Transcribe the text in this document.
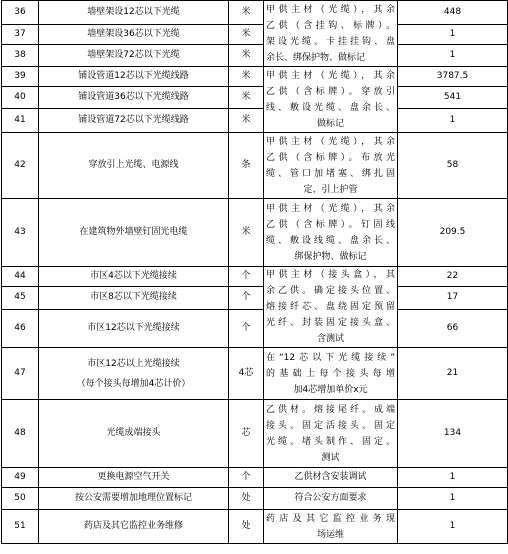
36	墙壁架设12芯以下光缆	米	甲供主材（光缆），其余
乙供（含挂钩、标牌）。
架设光缆、卡挂挂钩、盘
余长、绑保护物、做标记	448
37	墙壁架设36芯以下光缆	米		1
38	墙壁架设72芯以下光缆	米		1
39	铺设管道12芯以下光缆线路	米	甲供主材（光缆），其余
乙供（含标牌）。穿放引
线、敷设光缆、盘余长、
做标记	3787.5
40	铺设管道36芯以下光缆线路	米		541
41	铺设管道72芯以下光缆线路	米		1
42	穿放引上光缆、电源线	条	甲供主材（光缆），其余
乙供（含标牌）。布放光
缆、管口加堵塞、绑扎固
定、引上护管	58
43	在建筑物外墙壁钉固光电缆	米	甲供主材（光缆），其余
乙供（含标牌）。钉固线
缆、敷设线缆、盘余长、
绑保护物、做标记	209.5
44	市区4芯以下光缆接续	个	甲供主材（接头盒），其
余乙供。确定接头位置、
熔接纤芯、盘绕固定预留
光纤、封装固定接头盒、
含测试	22
45	市区8芯以下光缆接续	个		17
46	市区12芯以下光缆接续	个		66
47	市区12芯以上光缆接续
（每个接头每增加4芯计价）	4芯	在“12芯以下光缆接续”
的基础上每个接头每增
加4芯增加单价x元	21
48	光缆成端接头	芯	乙供材。熔接尾纤、成端
接头、固定活接头、固定
光缆、堵头制作、固定、
测试	134
49	更换电源空气开关	个	乙供材含安装调试	1
50	按公安需要增加地理位置标记	处	符合公安方面要求	1
51	药店及其它监控业务维修	处	药店及其它监控业务现
场运维	1
